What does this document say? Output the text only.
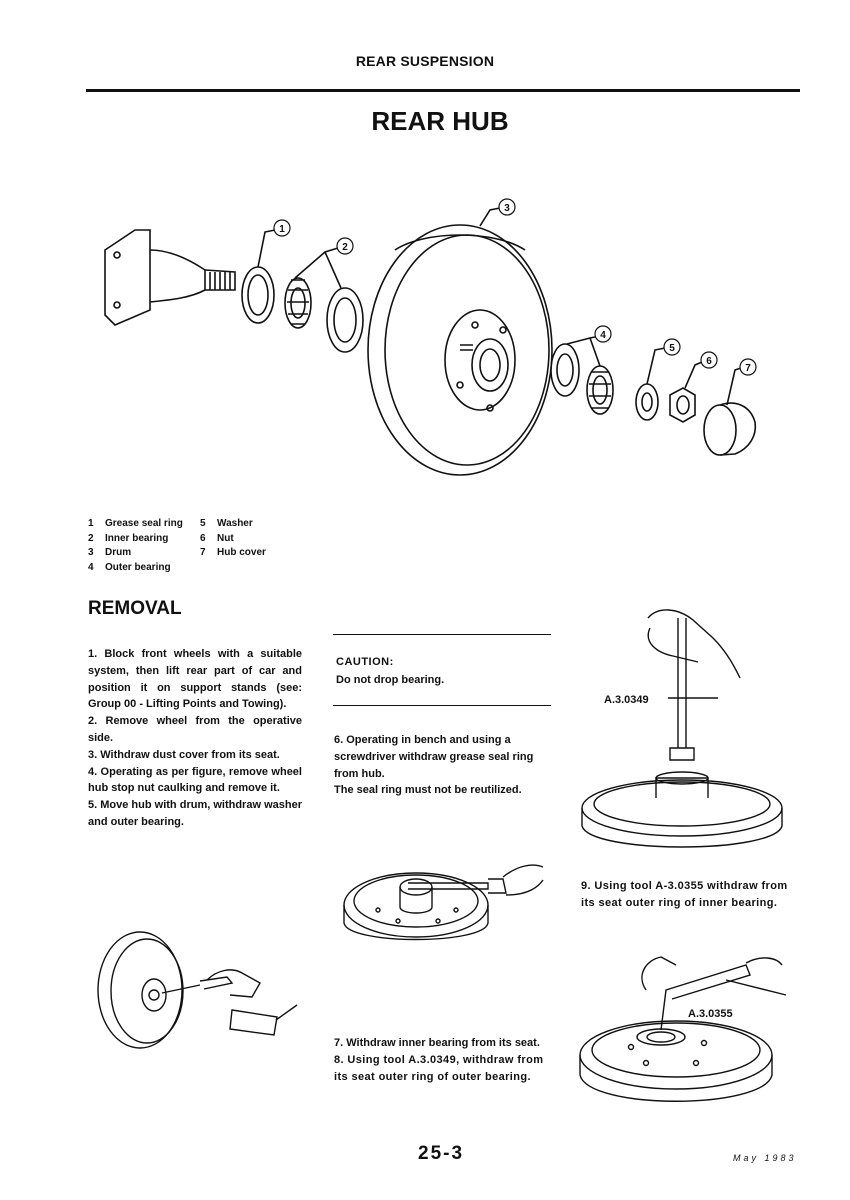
REAR SUSPENSION
REAR HUB
1
2
3
4
5
6
7
1	Grease seal ring 5	Washer
2	Inner bearing	6	Nut
3	Drum	7	Hub cover
4	Outer bearing
REMOVAL

1. Block front wheels with a suitable system, then lift rear part of car and position it on support stands (see: Group 00 - Lifting Points and Towing).

2. Remove wheel from the operative side.

3. Withdraw dust cover from its seat.

4. Operating as per figure, remove wheel hub stop nut caulking and remove it.

5. Move hub with drum, withdraw washer and outer bearing.

CAUTION:
Do not drop bearing.

6. Operating in bench and using a screwdriver withdraw grease seal ring from hub.

The seal ring must not be reutilized.

7. Withdraw inner bearing from its seat.

8. Using tool A.3.0349, withdraw from its seat outer ring of outer bearing.

A.3.0349
9. Using tool A-3.0355 withdraw from its seat outer ring of inner bearing.
A.3.0355
25-3	May 1983
